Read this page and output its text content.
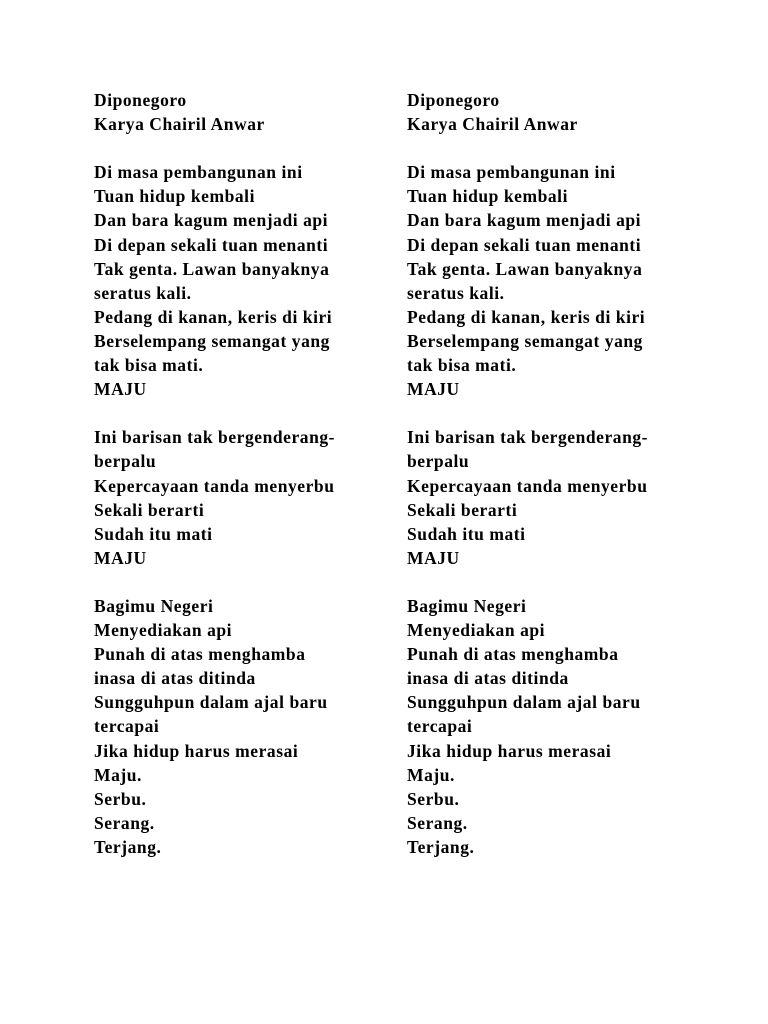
Diponegoro
Karya Chairil Anwar
Di masa pembangunan ini
Tuan hidup kembali
Dan bara kagum menjadi api
Di depan sekali tuan menanti
Tak genta. Lawan banyaknya
seratus kali.
Pedang di kanan, keris di kiri
Berselempang semangat yang
tak bisa mati.
MAJU
Ini barisan tak bergenderang-
berpalu
Kepercayaan tanda menyerbu
Sekali berarti
Sudah itu mati
MAJU
Bagimu Negeri
Menyediakan api
Punah di atas menghamba
inasa di atas ditinda
Sungguhpun dalam ajal baru
tercapai
Jika hidup harus merasai
Maju.
Serbu.
Serang.
Terjang.
Diponegoro
Karya Chairil Anwar
Di masa pembangunan ini
Tuan hidup kembali
Dan bara kagum menjadi api
Di depan sekali tuan menanti
Tak genta. Lawan banyaknya
seratus kali.
Pedang di kanan, keris di kiri
Berselempang semangat yang
tak bisa mati.
MAJU
Ini barisan tak bergenderang-
berpalu
Kepercayaan tanda menyerbu
Sekali berarti
Sudah itu mati
MAJU
Bagimu Negeri
Menyediakan api
Punah di atas menghamba
inasa di atas ditinda
Sungguhpun dalam ajal baru
tercapai
Jika hidup harus merasai
Maju.
Serbu.
Serang.
Terjang.
